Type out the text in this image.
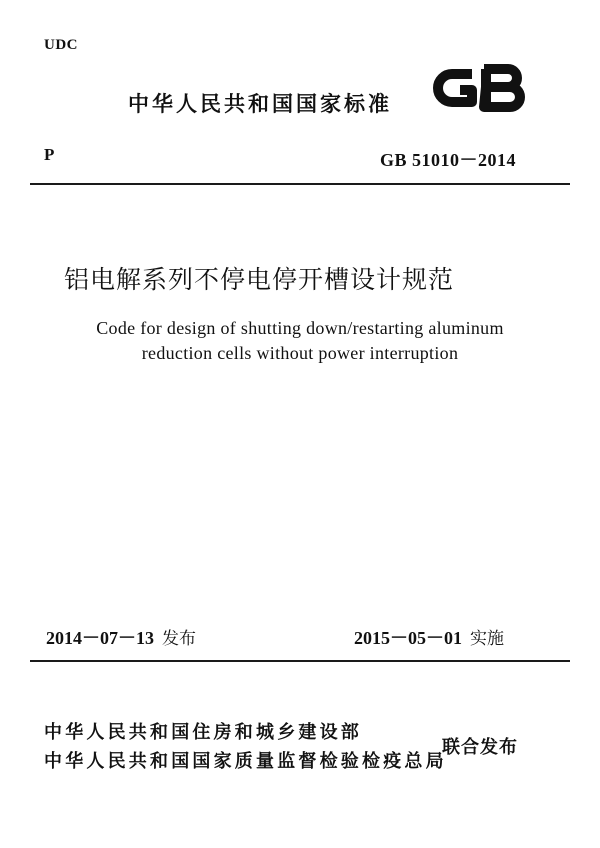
UDC
中华人民共和国国家标准
P	GB 51010－2014
铝电解系列不停电停开槽设计规范
Code for design of shutting down/restarting aluminum
reduction cells without power interruption
2014－07－13 发布	2015－05－01 实施
中华人民共和国住房和城乡建设部
中华人民共和国国家质量监督检验检疫总局
联合发布
